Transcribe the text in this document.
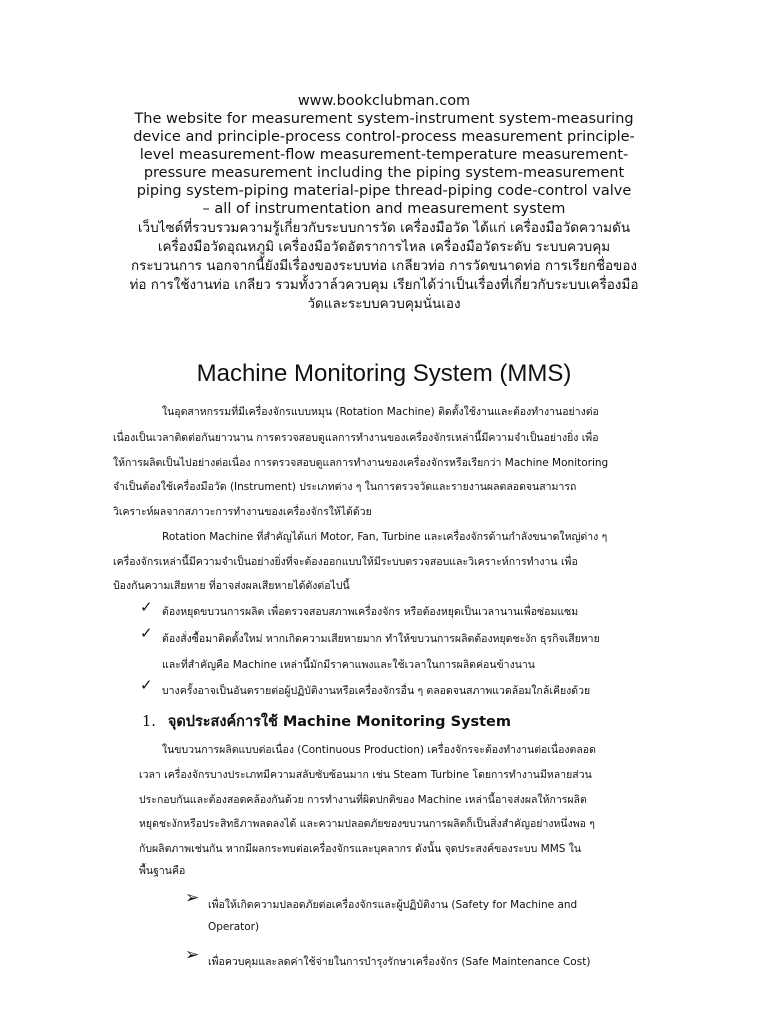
www.bookclubman.com
The website for measurement system-instrument system-measuring
device and principle-process control-process measurement principle-
level measurement-flow measurement-temperature measurement-
pressure measurement including the piping system-measurement
piping system-piping material-pipe thread-piping code-control valve
– all of instrumentation and measurement system
เว็บไซต์ที่รวบรวมความรู้เกี่ยวกับระบบการวัด เครื่องมือวัด ได้แก่ เครื่องมือวัดความดัน
เครื่องมือวัดอุณหภูมิ เครื่องมือวัดอัตราการไหล เครื่องมือวัดระดับ ระบบควบคุม
กระบวนการ นอกจากนี้ยังมีเรื่องของระบบท่อ เกลียวท่อ การวัดขนาดท่อ การเรียกชื่อของ
ท่อ การใช้งานท่อ เกลียว รวมทั้งวาล์วควบคุม เรียกได้ว่าเป็นเรื่องที่เกี่ยวกับระบบเครื่องมือ
วัดและระบบควบคุมนั่นเอง
Machine Monitoring System (MMS)
ในอุตสาหกรรมที่มีเครื่องจักรแบบหมุน (Rotation Machine) ติดตั้งใช้งานและต้องทำงานอย่างต่อ
เนื่องเป็นเวลาติดต่อกันยาวนาน การตรวจสอบดูแลการทำงานของเครื่องจักรเหล่านี้มีความจำเป็นอย่างยิ่ง เพื่อ
ให้การผลิตเป็นไปอย่างต่อเนื่อง การตรวจสอบดูแลการทำงานของเครื่องจักรหรือเรียกว่า Machine Monitoring
จำเป็นต้องใช้เครื่องมือวัด (Instrument) ประเภทต่าง ๆ ในการตรวจวัดและรายงานผลตลอดจนสามารถ
วิเคราะห์ผลจากสภาวะการทำงานของเครื่องจักรให้ได้ด้วย
Rotation Machine ที่สำคัญได้แก่ Motor, Fan, Turbine และเครื่องจักรด้านกำลังขนาดใหญ่ต่าง ๆ
เครื่องจักรเหล่านี้มีความจำเป็นอย่างยิ่งที่จะต้องออกแบบให้มีระบบตรวจสอบและวิเคราะห์การทำงาน เพื่อ
ป้องกันความเสียหาย ที่อาจส่งผลเสียหายได้ดังต่อไปนี้
✓ ต้องหยุดขบวนการผลิต เพื่อตรวจสอบสภาพเครื่องจักร หรือต้องหยุดเป็นเวลานานเพื่อซ่อมแซม
✓ ต้องสั่งซื้อมาติดตั้งใหม่ หากเกิดความเสียหายมาก ทำให้ขบวนการผลิตต้องหยุดชะงัก ธุรกิจเสียหาย
และที่สำคัญคือ Machine เหล่านี้มักมีราคาแพงและใช้เวลาในการผลิตค่อนข้างนาน
✓ บางครั้งอาจเป็นอันตรายต่อผู้ปฏิบัติงานหรือเครื่องจักรอื่น ๆ ตลอดจนสภาพแวดล้อมใกล้เคียงด้วย
1. จุดประสงค์การใช้ Machine Monitoring System
ในขบวนการผลิตแบบต่อเนื่อง (Continuous Production) เครื่องจักรจะต้องทำงานต่อเนื่องตลอด
เวลา เครื่องจักรบางประเภทมีความสลับซับซ้อนมาก เช่น Steam Turbine โดยการทำงานมีหลายส่วน
ประกอบกันและต้องสอดคล้องกันด้วย การทำงานที่ผิดปกติของ Machine เหล่านี้อาจส่งผลให้การผลิต
หยุดชะงักหรือประสิทธิภาพลดลงได้ และความปลอดภัยของขบวนการผลิตก็เป็นสิ่งสำคัญอย่างหนึ่งพอ ๆ
กับผลิตภาพเช่นกัน หากมีผลกระทบต่อเครื่องจักรและบุคลากร ดังนั้น จุดประสงค์ของระบบ MMS ใน
พื้นฐานคือ
➢ เพื่อให้เกิดความปลอดภัยต่อเครื่องจักรและผู้ปฏิบัติงาน (Safety for Machine and
Operator)
➢ เพื่อควบคุมและลดค่าใช้จ่ายในการบำรุงรักษาเครื่องจักร (Safe Maintenance Cost)
